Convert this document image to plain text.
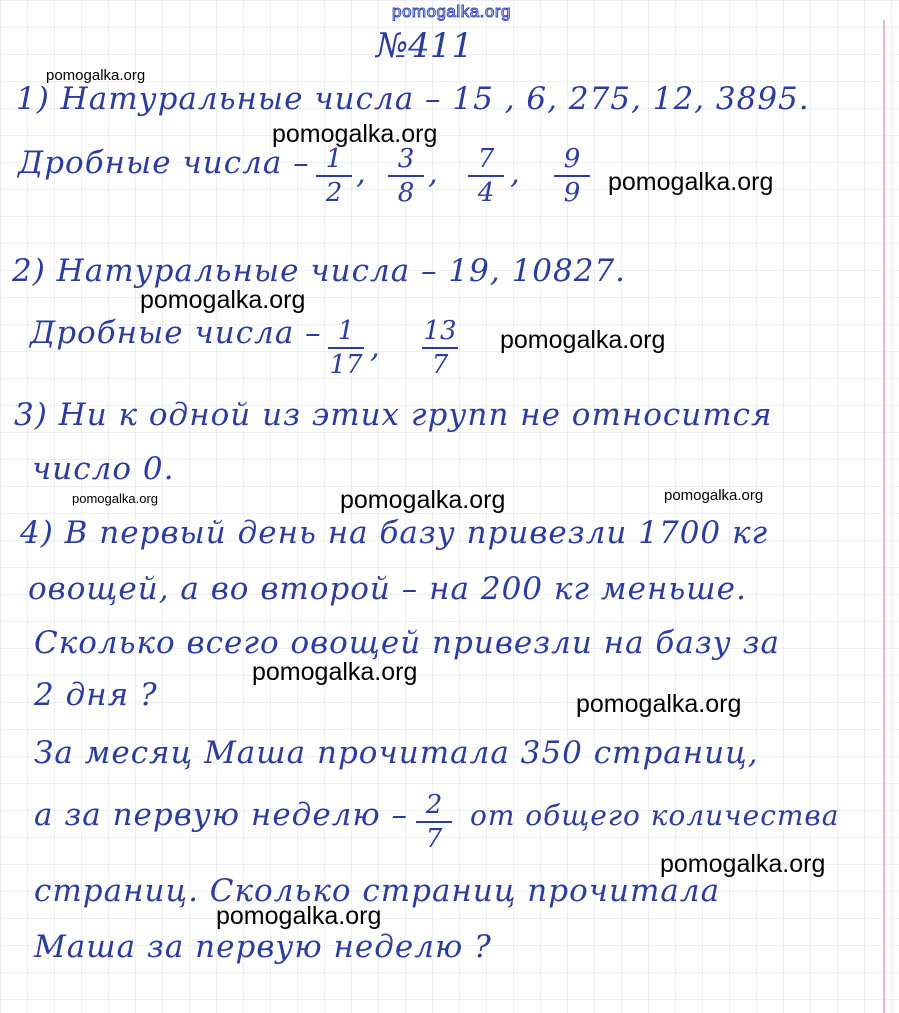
pomogalka.org
№411
1) Натуральные числа – 15 , 6, 275, 12, 3895.
Дробные числа – 1
2
,	3
8
,	7
4
,	9
9
2) Натуральные числа – 19, 10827.
Дробные числа – 1
17 , 13
7
3) Ни к одной из этих групп не относится
число 0.
4) В первый день на базу привезли 1700 кг
овощей, а во второй – на 200 кг меньше.
Сколько всего овощей привезли на базу за
2 дня ?
За месяц Маша прочитала 350 страниц,
а за первую неделю – 2
7
от общего количества
страниц. Сколько страниц прочитала
Маша за первую неделю ?
pomogalka.org
pomogalka.org
pomogalka.org
pomogalka.org
pomogalka.org
pomogalka.org	pomogalka.org	pomogalka.org
pomogalka.org
pomogalka.org
pomogalka.org
pomogalka.org
